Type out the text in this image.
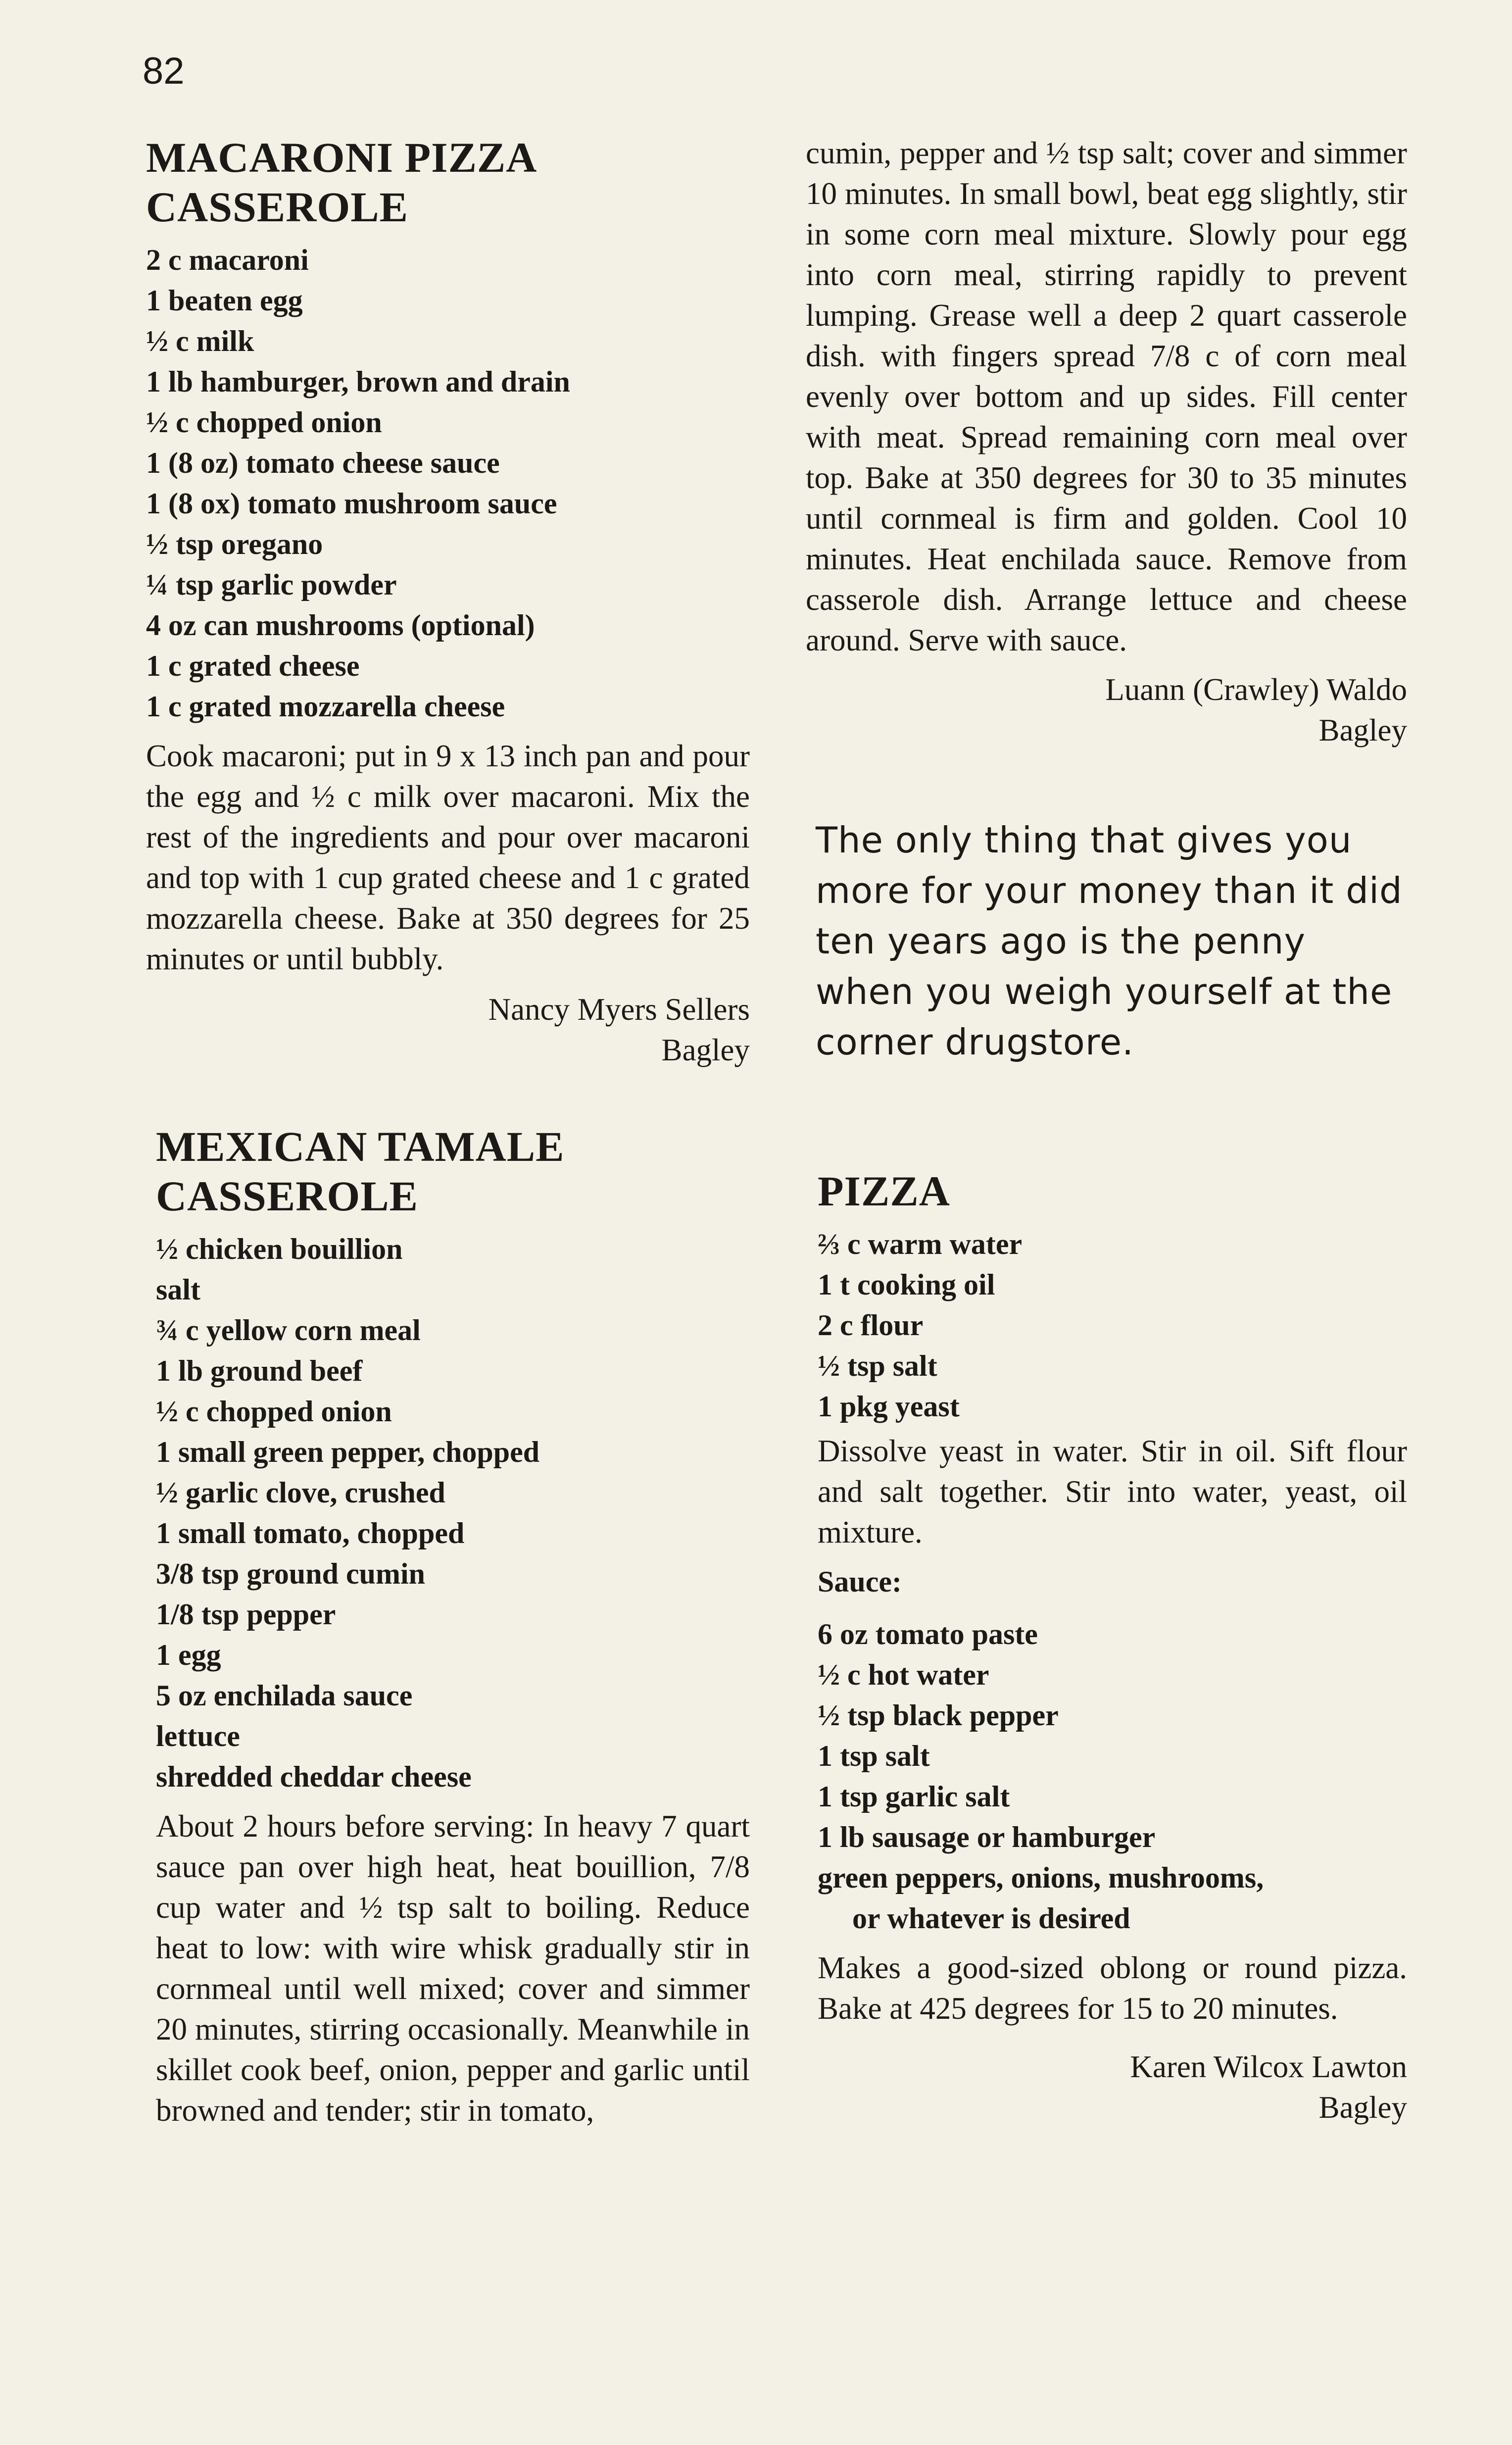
82
MACARONI PIZZA
CASSEROLE
2 c macaroni
1 beaten egg
½ c milk
1 lb hamburger, brown and drain
½ c chopped onion
1 (8 oz) tomato cheese sauce
1 (8 ox) tomato mushroom sauce
½ tsp oregano
¼ tsp garlic powder
4 oz can mushrooms (optional)
1 c grated cheese
1 c grated mozzarella cheese

Cook macaroni; put in 9 x 13 inch pan and pour the egg and ½ c milk over macaroni. Mix the rest of the ingredients and pour over macaroni and top with 1 cup grated cheese and 1 c grated mozzarella cheese. Bake at 350 degrees for 25 minutes or until bubbly.

Nancy Myers Sellers
Bagley
MEXICAN TAMALE
CASSEROLE
½ chicken bouillion
salt
¾ c yellow corn meal
1 lb ground beef
½ c chopped onion
1 small green pepper, chopped
½ garlic clove, crushed
1 small tomato, chopped
3/8 tsp ground cumin
1/8 tsp pepper
1 egg
5 oz enchilada sauce
lettuce
shredded cheddar cheese

About 2 hours before serving: In heavy 7 quart sauce pan over high heat, heat bouillion, 7/8 cup water and ½ tsp salt to boiling. Reduce heat to low: with wire whisk gradually stir in cornmeal until well mixed; cover and simmer 20 minutes, stirring occasionally. Meanwhile in skillet cook beef, onion, pepper and garlic until browned and tender; stir in tomato,

cumin, pepper and ½ tsp salt; cover and simmer 10 minutes. In small bowl, beat egg slightly, stir in some corn meal mixture. Slowly pour egg into corn meal, stirring rapidly to prevent lumping. Grease well a deep 2 quart casserole dish. with fingers spread 7/8 c of corn meal evenly over bottom and up sides. Fill center with meat. Spread remaining corn meal over top. Bake at 350 degrees for 30 to 35 minutes until cornmeal is firm and golden. Cool 10 minutes. Heat enchilada sauce. Remove from casserole dish. Arrange lettuce and cheese around. Serve with sauce.

Luann (Crawley) Waldo
Bagley

The only thing that gives you more for your money than it did ten years ago is the penny when you weigh yourself at the corner drugstore.

PIZZA
⅔ c warm water
1 t cooking oil
2 c flour
½ tsp salt
1 pkg yeast

Dissolve yeast in water. Stir in oil. Sift flour and salt together. Stir into water, yeast, oil mixture.

Sauce:
6 oz tomato paste
½ c hot water
½ tsp black pepper
1 tsp salt
1 tsp garlic salt
1 lb sausage or hamburger
green peppers, onions, mushrooms,
or whatever is desired

Makes a good-sized oblong or round pizza. Bake at 425 degrees for 15 to 20 minutes.

Karen Wilcox Lawton
Bagley
